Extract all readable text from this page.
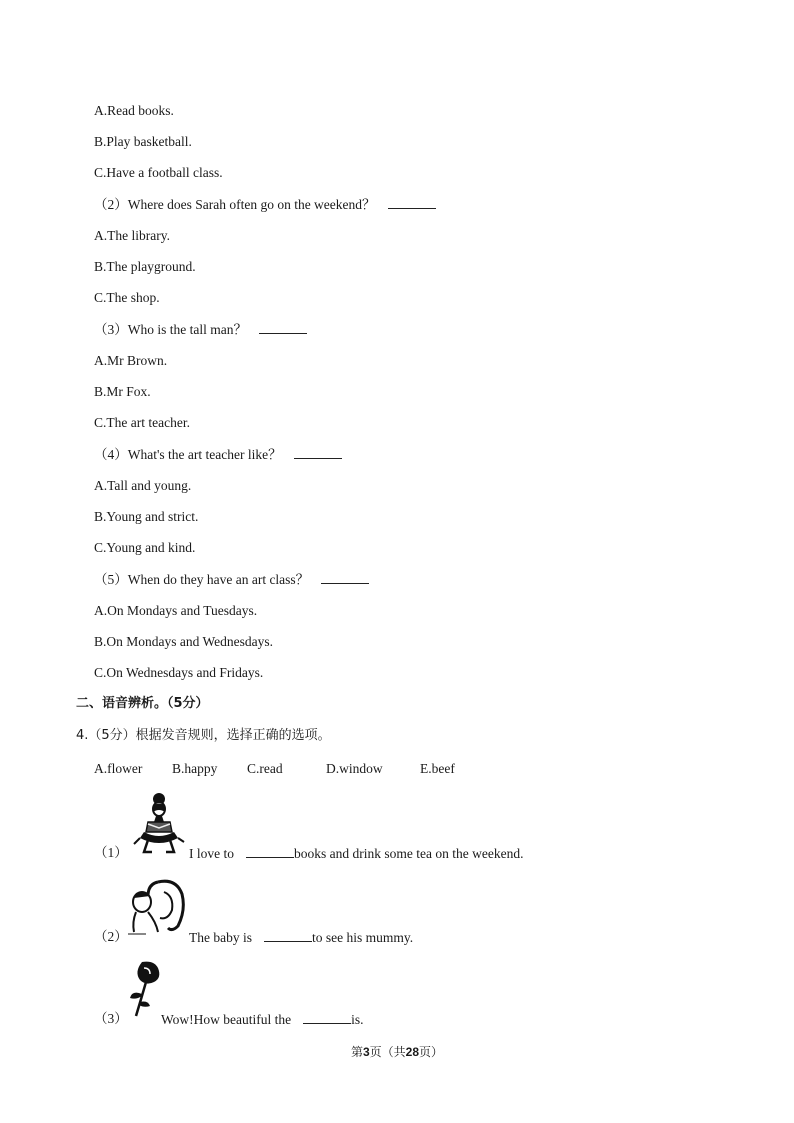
A.Read books.
B.Play basketball.
C.Have a football class.
（2）Where does Sarah often go on the weekend？
A.The library.
B.The playground.
C.The shop.
（3）Who is the tall man？
A.Mr Brown.
B.Mr Fox.
C.The art teacher.
（4）What's the art teacher like？
A.Tall and young.
B.Young and strict.
C.Young and kind.
（5）When do they have an art class？
A.On Mondays and Tuesdays.
B.On Mondays and Wednesdays.
C.On Wednesdays and Fridays.
二、语音辨析。（5分）
4.（5分）根据发音规则，选择正确的选项。
A.flower B.happy C.read	D.window	E.beef
（1）	I love to	books and drink some tea on the weekend.
（2）	The baby is	to see his mummy.
（3） Wow!How beautiful the	is.
第3页（共28页）
